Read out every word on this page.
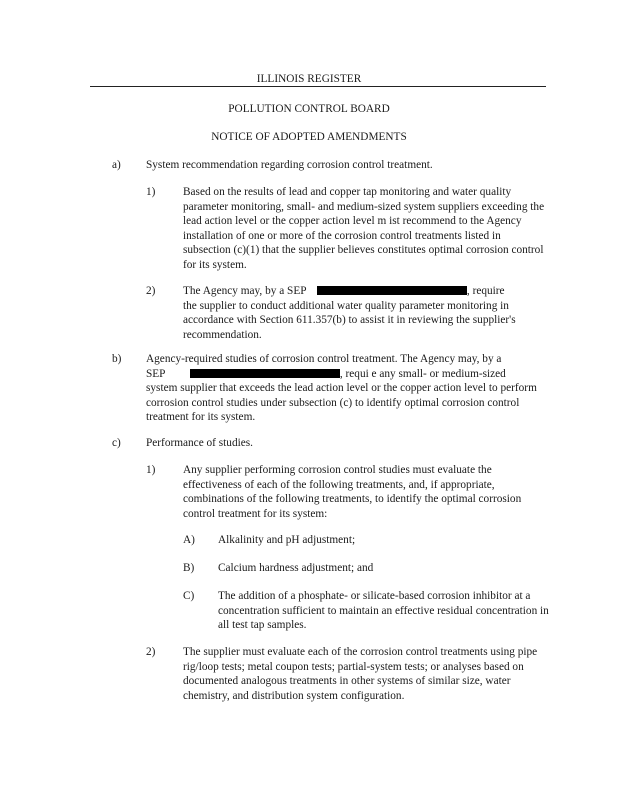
ILLINOIS REGISTER
POLLUTION CONTROL BOARD
NOTICE OF ADOPTED AMENDMENTS
a) System recommendation regarding corrosion control treatment.
1) Based on the results of lead and copper tap monitoring and water quality parameter monitoring, small- and medium-sized system suppliers exceeding the lead action level or the copper action level m ist recommend to the Agency installation of one or more of the corrosion control treatments listed in subsection (c)(1) that the supplier believes constitutes optimal corrosion control for its system.

2) The Agency may, by a SEP	, require

the supplier to conduct additional water quality parameter monitoring in accordance with Section 611.357(b) to assist it in reviewing the supplier's recommendation.

b) Agency-required studies of corrosion control treatment. The Agency may, by a
SEP	, requi e any small- or medium-sized

system supplier that exceeds the lead action level or the copper action level to perform corrosion control studies under subsection (c) to identify optimal corrosion control treatment for its system.

c) Performance of studies.
1) Any supplier performing corrosion control studies must evaluate the effectiveness of each of the following treatments, and, if appropriate, combinations of the following treatments, to identify the optimal corrosion control treatment for its system:

A) Alkalinity and pH adjustment;
B) Calcium hardness adjustment; and
C) The addition of a phosphate- or silicate-based corrosion inhibitor at a concentration sufficient to maintain an effective residual concentration in all test tap samples.

2) The supplier must evaluate each of the corrosion control treatments using pipe rig/loop tests; metal coupon tests; partial-system tests; or analyses based on documented analogous treatments in other systems of similar size, water chemistry, and distribution system configuration.
